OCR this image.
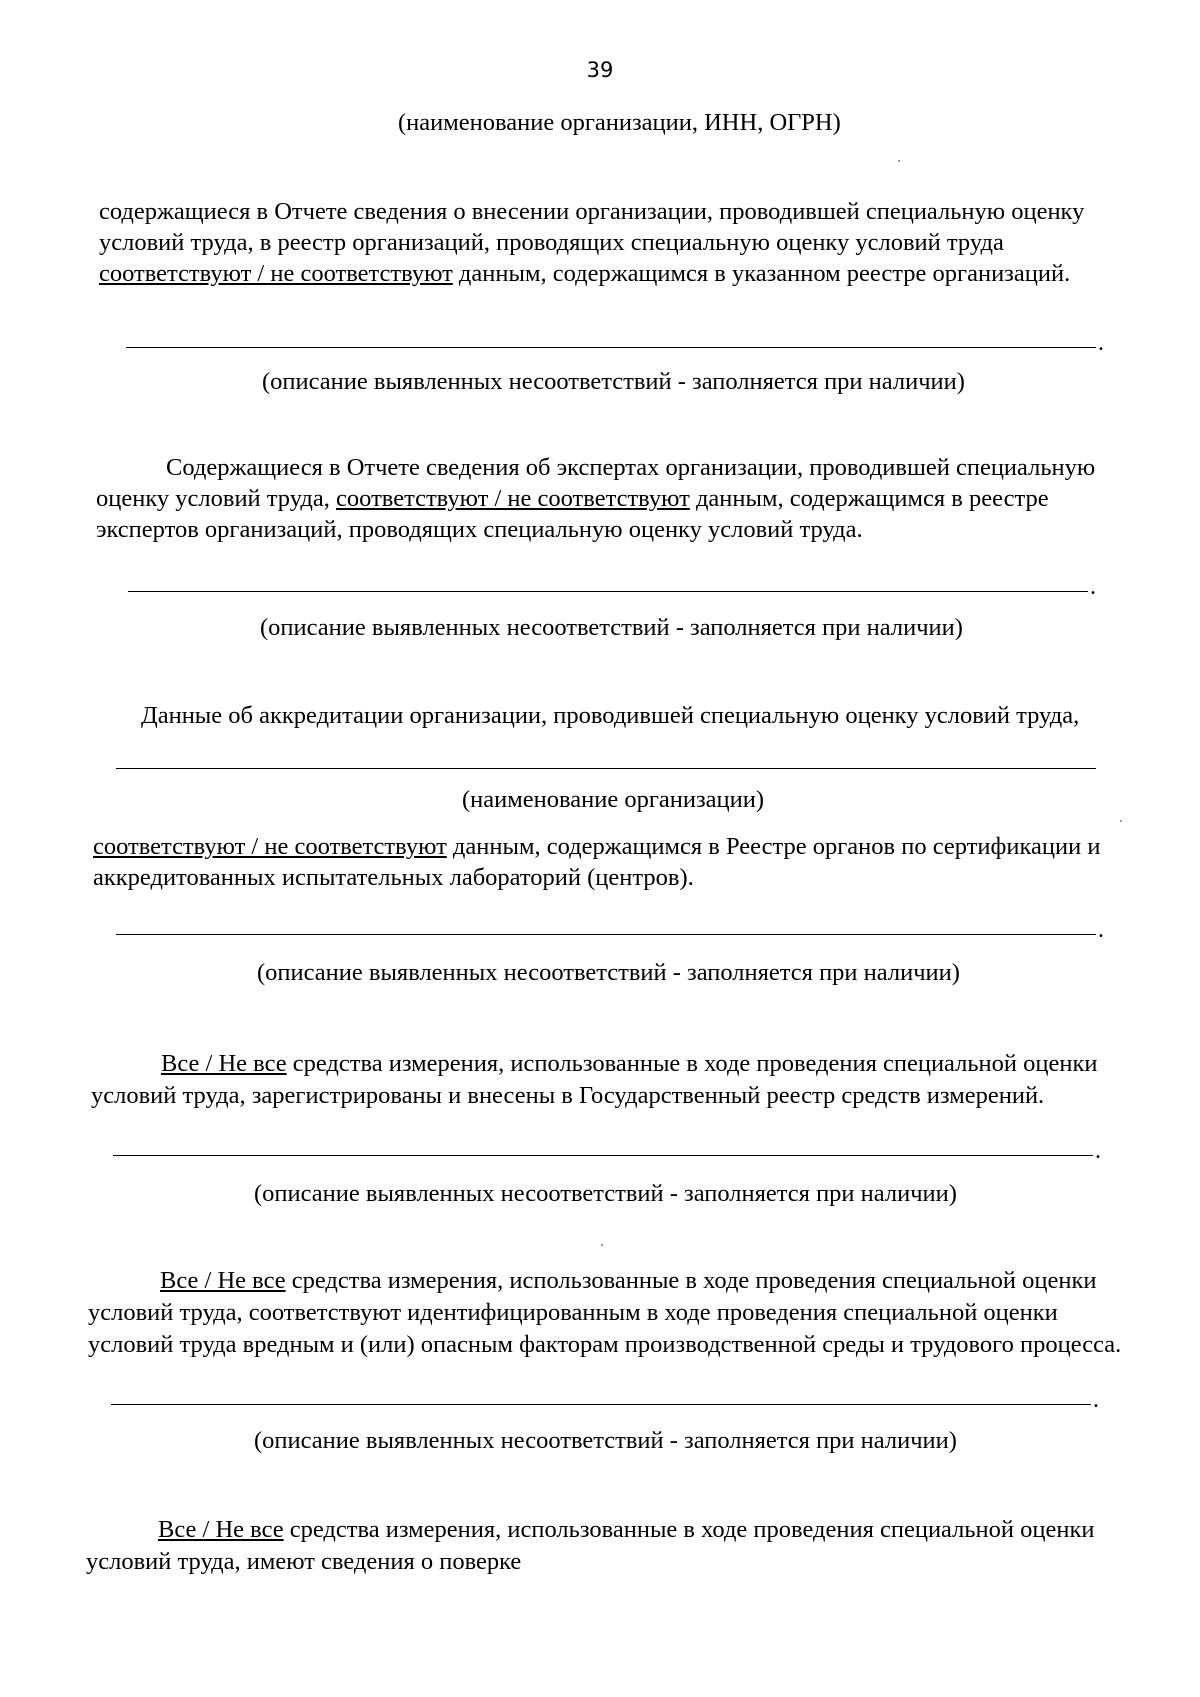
39
(наименование организации, ИНН, ОГРН)
содержащиеся в Отчете сведения о внесении организации, проводившей специальную оценку
условий труда, в реестр организаций, проводящих специальную оценку условий труда
соответствуют / не соответствуют данным, содержащимся в указанном реестре организаций.
.
(описание выявленных несоответствий - заполняется при наличии)
Содержащиеся в Отчете сведения об экспертах организации, проводившей специальную
оценку условий труда, соответствуют / не соответствуют данным, содержащимся в реестре
экспертов организаций, проводящих специальную оценку условий труда.
.
(описание выявленных несоответствий - заполняется при наличии)
Данные об аккредитации организации, проводившей специальную оценку условий труда,
(наименование организации)
соответствуют / не соответствуют данным, содержащимся в Реестре органов по сертификации и
аккредитованных испытательных лабораторий (центров).
.
(описание выявленных несоответствий - заполняется при наличии)
Все / Не все средства измерения, использованные в ходе проведения специальной оценки
условий труда, зарегистрированы и внесены в Государственный реестр средств измерений.
.
(описание выявленных несоответствий - заполняется при наличии)
Все / Не все средства измерения, использованные в ходе проведения специальной оценки
условий труда, соответствуют идентифицированным в ходе проведения специальной оценки
условий труда вредным и (или) опасным факторам производственной среды и трудового процесса.
.
(описание выявленных несоответствий - заполняется при наличии)
Все / Не все средства измерения, использованные в ходе проведения специальной оценки
условий труда, имеют сведения о поверке
